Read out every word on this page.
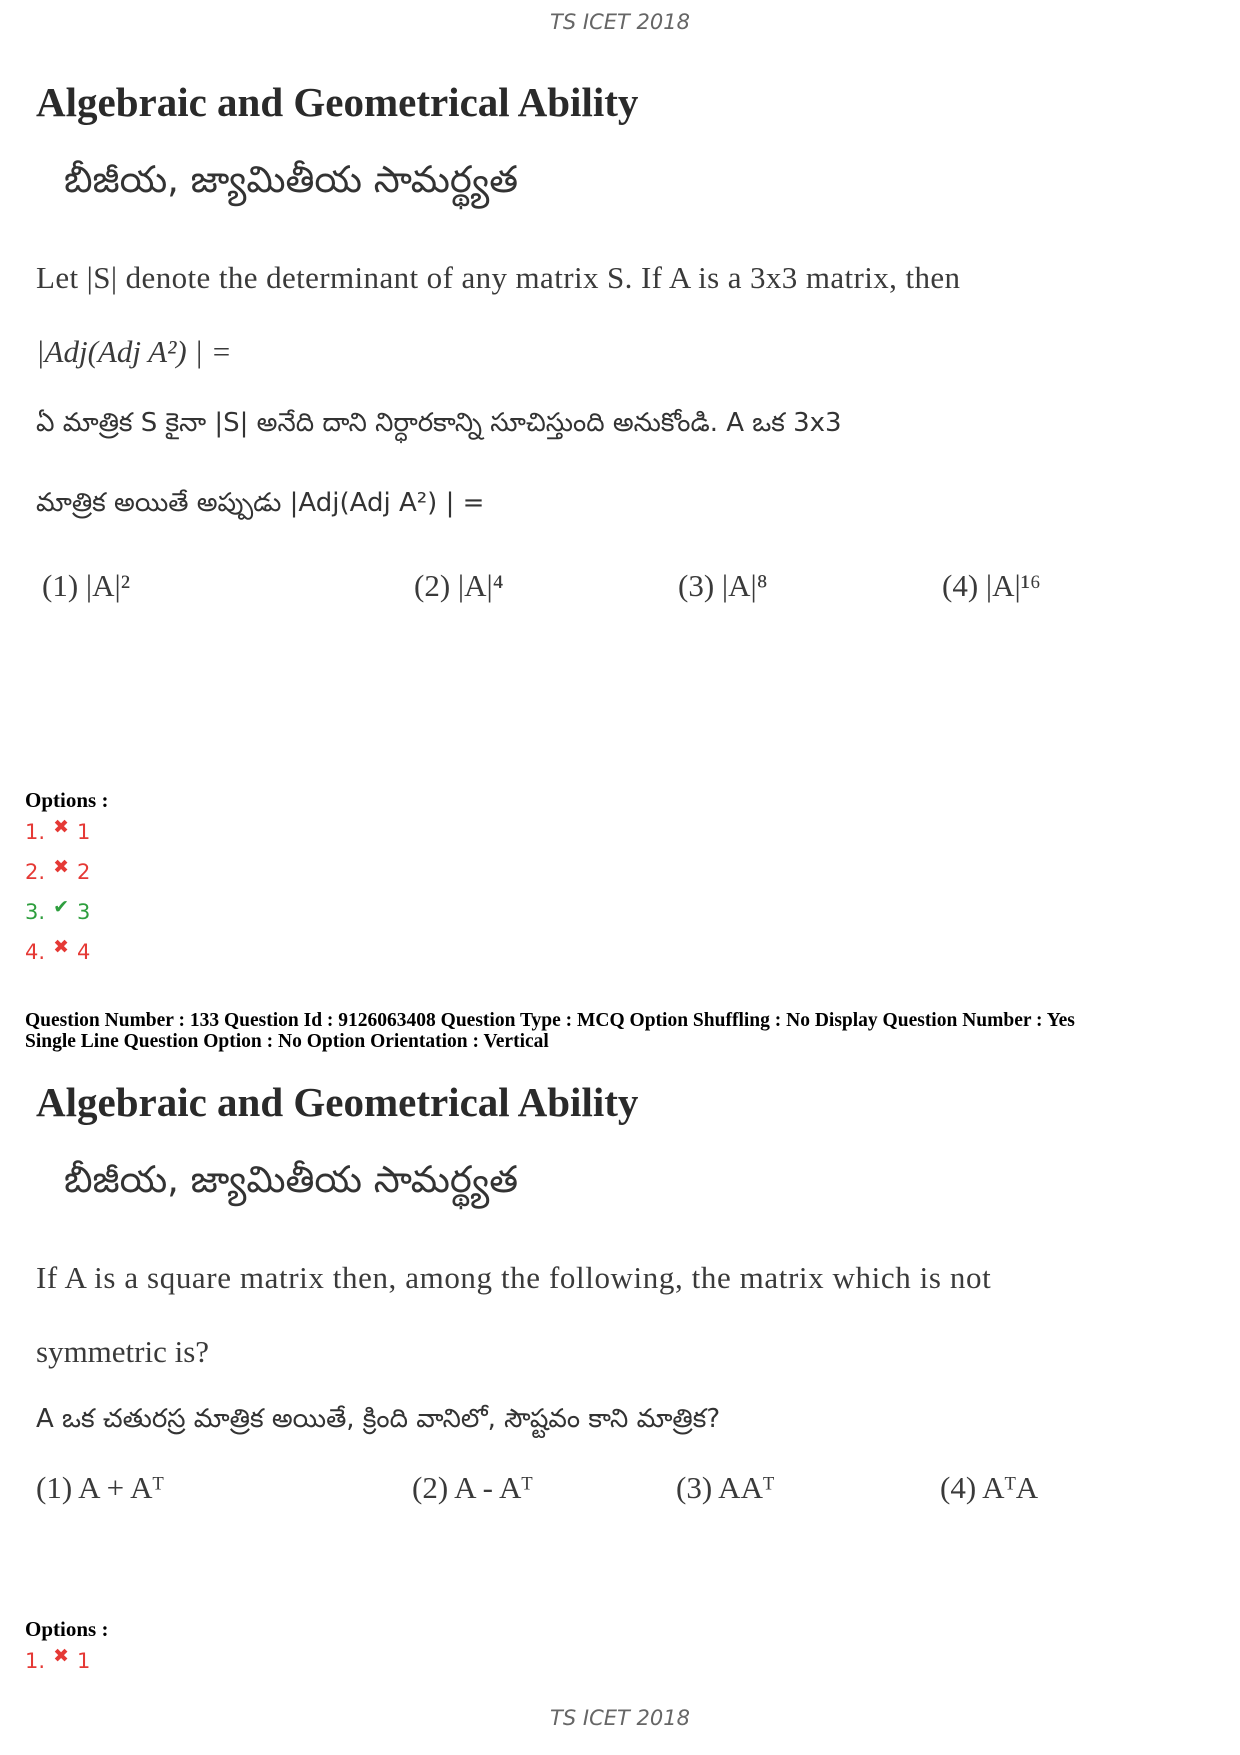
TS ICET 2018

Algebraic and Geometrical Ability

బీజీయ, జ్యామితీయ సామర్థ్యత

Let |S| denote the determinant of any matrix S. If A is a 3x3 matrix, then

|Adj(Adj A²) | =

ఏ మాత్రిక S కైనా |S| అనేది దాని నిర్ధారకాన్ని సూచిస్తుంది అనుకోండి. A ఒక 3x3

మాత్రిక అయితే అప్పుడు |Adj(Adj A²) | =

(1) |A|²	(2) |A|⁴	(3) |A|⁸	(4) |A|¹⁶
Options :
1. ✖ 1
2. ✖ 2
3. ✔ 3
4. ✖ 4
Question Number : 133 Question Id : 9126063408 Question Type : MCQ Option Shuffling : No Display Question Number : Yes
Single Line Question Option : No Option Orientation : Vertical

Algebraic and Geometrical Ability

బీజీయ, జ్యామితీయ సామర్థ్యత

If A is a square matrix then, among the following, the matrix which is not

symmetric is?

A ఒక చతురస్ర మాత్రిక అయితే, క్రింది వానిలో, సౌష్టవం కాని మాత్రిక?

(1) A + Aᵀ	(2) A - Aᵀ	(3) AAᵀ	(4) AᵀA
Options :
1. ✖ 1
TS ICET 2018
